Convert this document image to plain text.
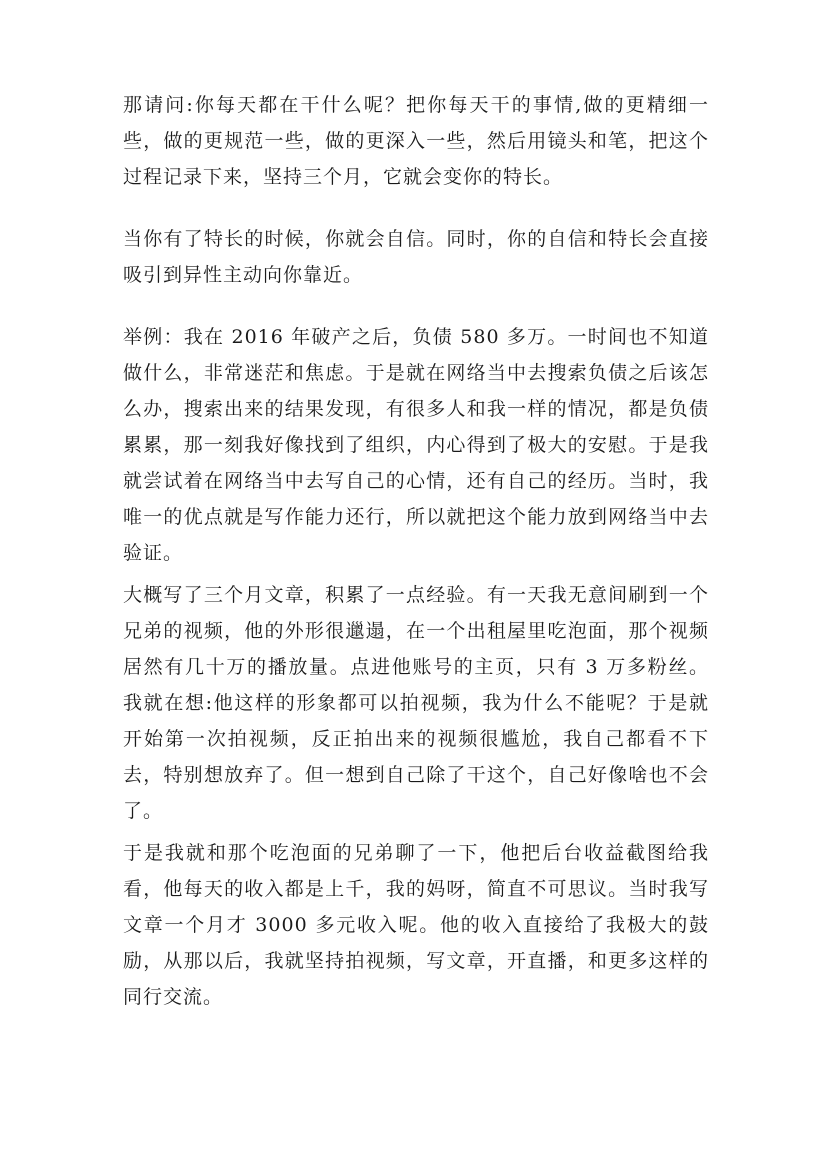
那请问:你每天都在干什么呢？把你每天干的事情,做的更精细一些，做的更规范一些，做的更深入一些，然后用镜头和笔，把这个过程记录下来，坚持三个月，它就会变你的特长。

当你有了特长的时候，你就会自信。同时，你的自信和特长会直接吸引到异性主动向你靠近。

举例：我在 2016 年破产之后，负债 580 多万。一时间也不知道做什么，非常迷茫和焦虑。于是就在网络当中去搜索负债之后该怎么办，搜索出来的结果发现，有很多人和我一样的情况，都是负债累累，那一刻我好像找到了组织，内心得到了极大的安慰。于是我就尝试着在网络当中去写自己的心情，还有自己的经历。当时，我唯一的优点就是写作能力还行，所以就把这个能力放到网络当中去验证。

大概写了三个月文章，积累了一点经验。有一天我无意间刷到一个兄弟的视频，他的外形很邋遢，在一个出租屋里吃泡面，那个视频居然有几十万的播放量。点进他账号的主页，只有 3 万多粉丝。我就在想:他这样的形象都可以拍视频，我为什么不能呢？于是就开始第一次拍视频，反正拍出来的视频很尴尬，我自己都看不下去，特别想放弃了。但一想到自己除了干这个，自己好像啥也不会了。

于是我就和那个吃泡面的兄弟聊了一下，他把后台收益截图给我看，他每天的收入都是上千，我的妈呀，简直不可思议。当时我写文章一个月才 3000 多元收入呢。他的收入直接给了我极大的鼓励，从那以后，我就坚持拍视频，写文章，开直播，和更多这样的同行交流。
